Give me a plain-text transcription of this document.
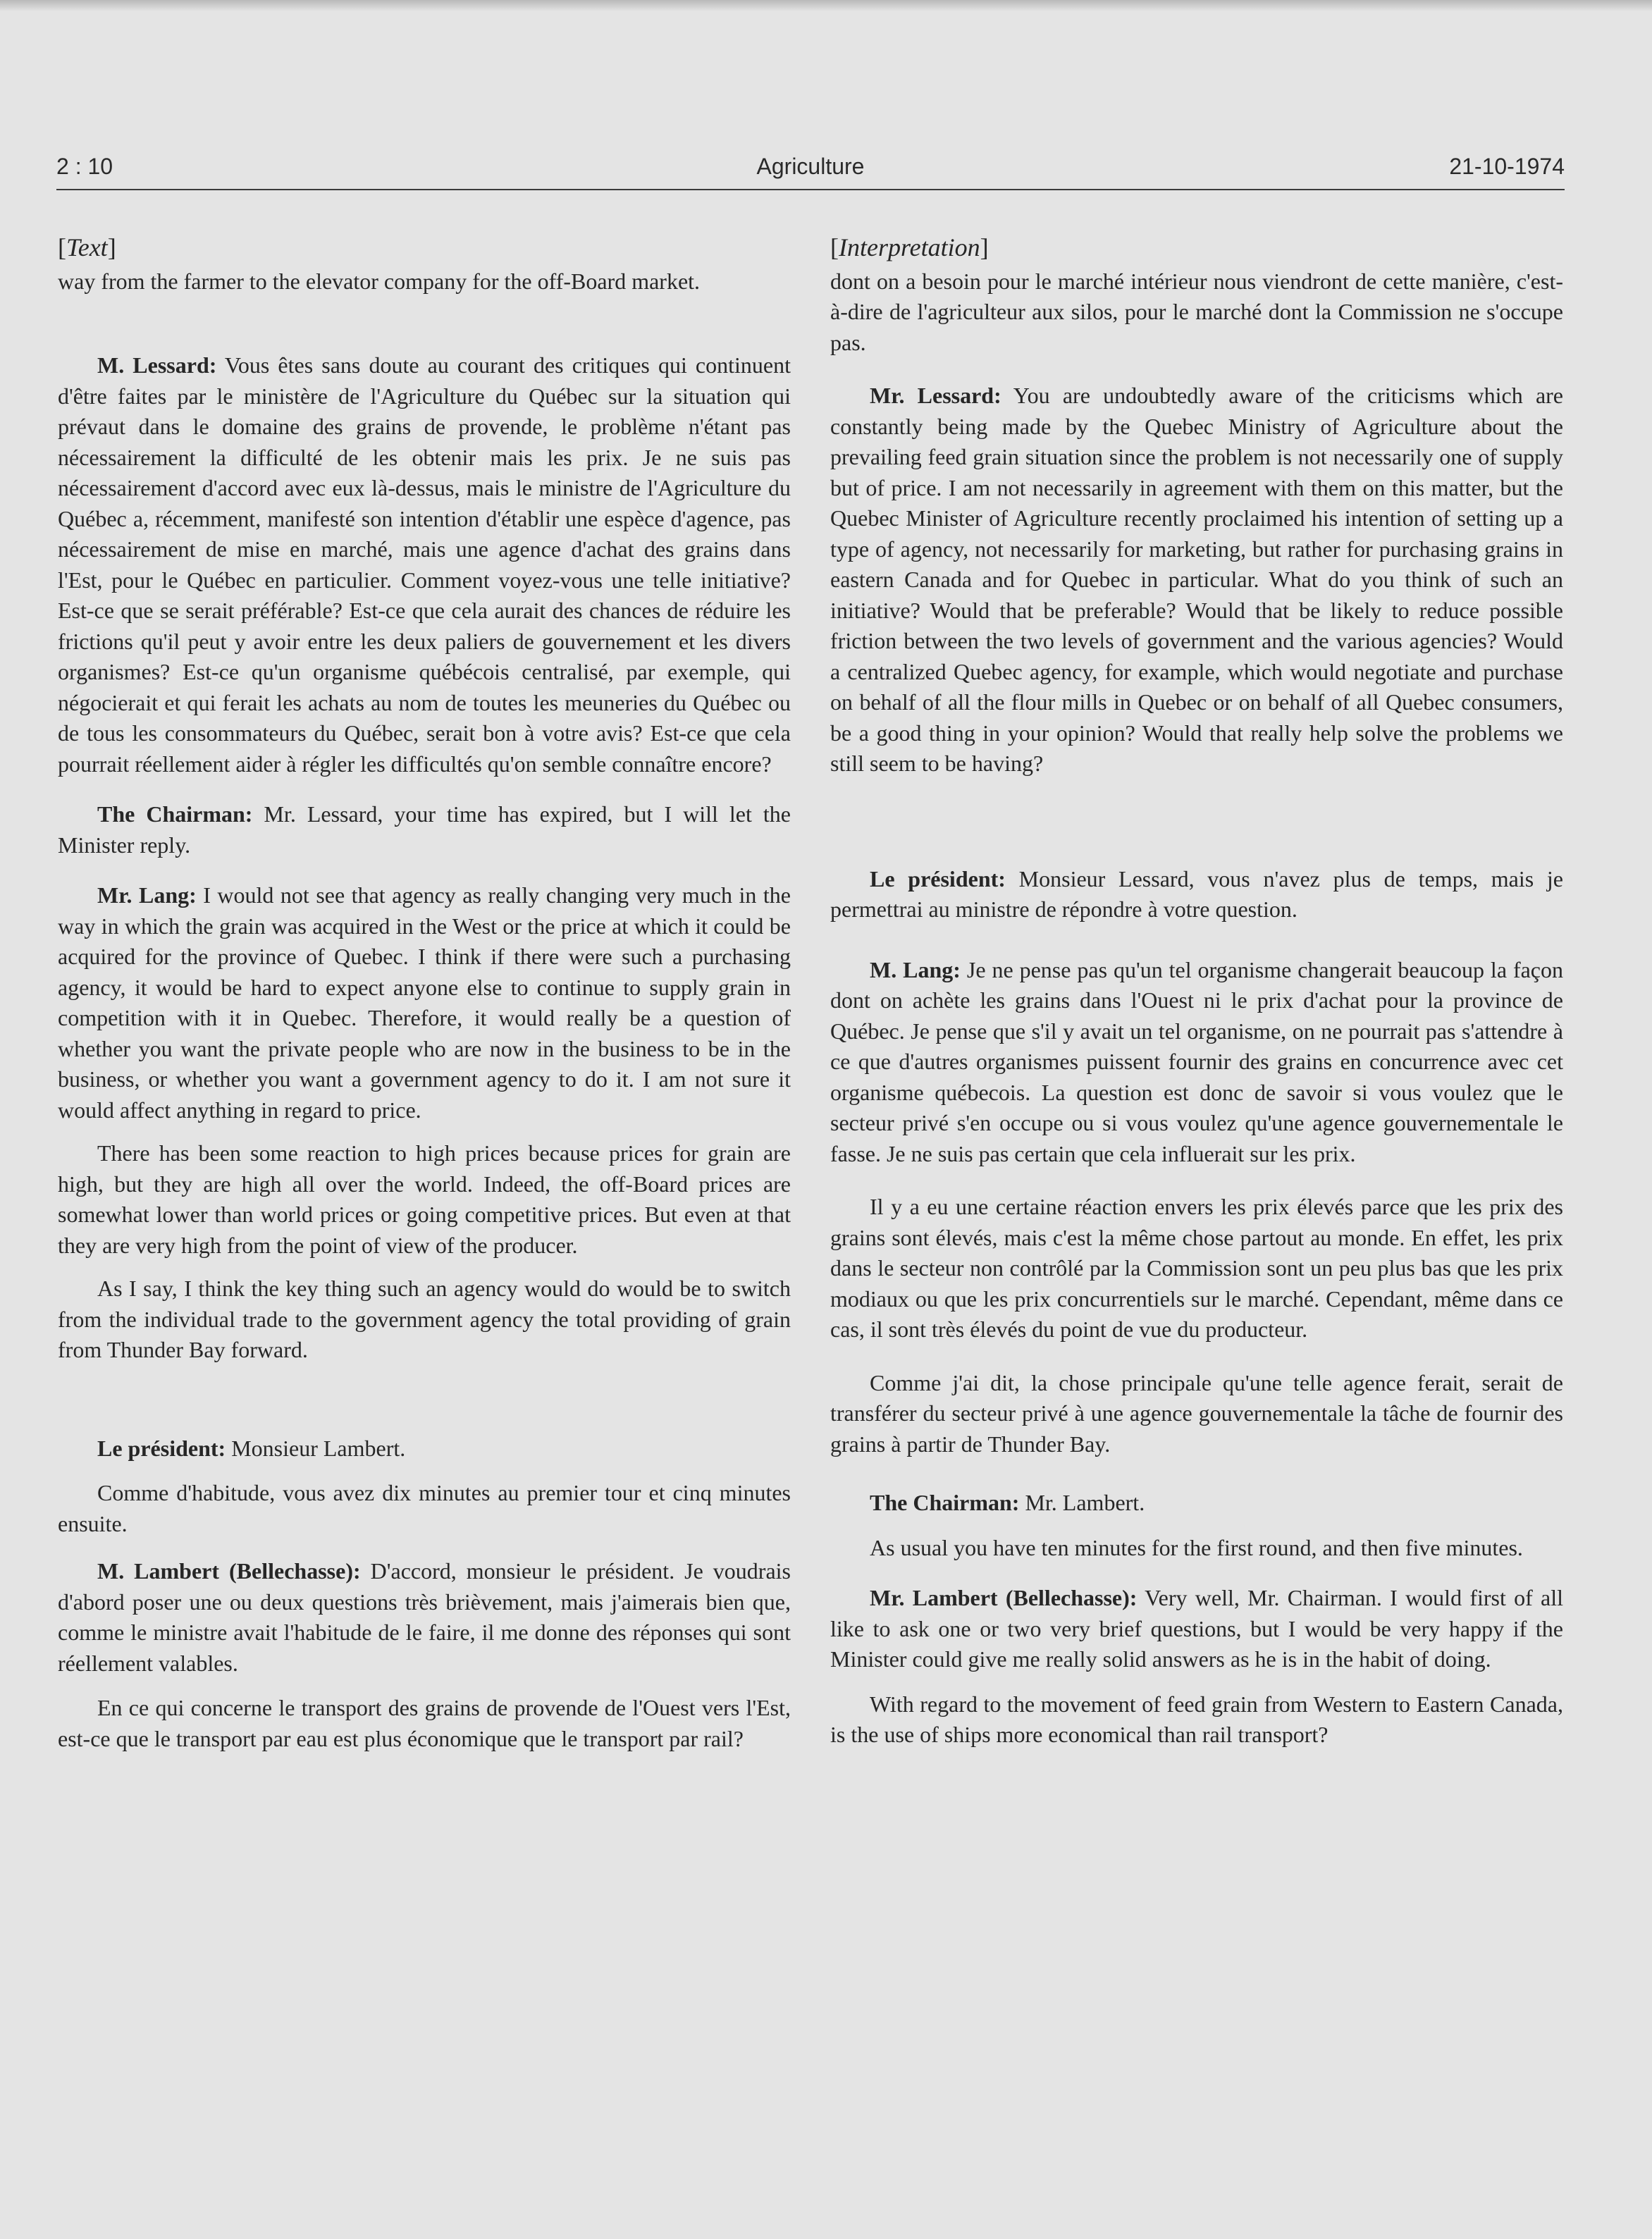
2 : 10	Agriculture	21-10-1974

[Text]

way from the farmer to the elevator company for the off-Board market.

M. Lessard: Vous êtes sans doute au courant des critiques qui continuent d'être faites par le ministère de l'Agriculture du Québec sur la situation qui prévaut dans le domaine des grains de provende, le problème n'étant pas nécessairement la difficulté de les obtenir mais les prix. Je ne suis pas nécessairement d'accord avec eux là-dessus, mais le ministre de l'Agriculture du Québec a, récemment, manifesté son intention d'établir une espèce d'agence, pas nécessairement de mise en marché, mais une agence d'achat des grains dans l'Est, pour le Québec en particulier. Comment voyez-vous une telle initiative? Est-ce que se serait préférable? Est-ce que cela aurait des chances de réduire les frictions qu'il peut y avoir entre les deux paliers de gouvernement et les divers organismes? Est-ce qu'un organisme québécois centralisé, par exemple, qui négocierait et qui ferait les achats au nom de toutes les meuneries du Québec ou de tous les consommateurs du Québec, serait bon à votre avis? Est-ce que cela pourrait réellement aider à régler les difficultés qu'on semble connaître encore?

The Chairman: Mr. Lessard, your time has expired, but I will let the Minister reply.

Mr. Lang: I would not see that agency as really changing very much in the way in which the grain was acquired in the West or the price at which it could be acquired for the province of Quebec. I think if there were such a purchasing agency, it would be hard to expect anyone else to continue to supply grain in competition with it in Quebec. Therefore, it would really be a question of whether you want the private people who are now in the business to be in the business, or whether you want a government agency to do it. I am not sure it would affect anything in regard to price.

There has been some reaction to high prices because prices for grain are high, but they are high all over the world. Indeed, the off-Board prices are somewhat lower than world prices or going competitive prices. But even at that they are very high from the point of view of the producer.

As I say, I think the key thing such an agency would do would be to switch from the individual trade to the government agency the total providing of grain from Thunder Bay forward.

Le président: Monsieur Lambert.

Comme d'habitude, vous avez dix minutes au premier tour et cinq minutes ensuite.

M. Lambert (Bellechasse): D'accord, monsieur le président. Je voudrais d'abord poser une ou deux questions très brièvement, mais j'aimerais bien que, comme le ministre avait l'habitude de le faire, il me donne des réponses qui sont réellement valables.

En ce qui concerne le transport des grains de provende de l'Ouest vers l'Est, est-ce que le transport par eau est plus économique que le transport par rail?

[Interpretation]

dont on a besoin pour le marché intérieur nous viendront de cette manière, c'est-à-dire de l'agriculteur aux silos, pour le marché dont la Commission ne s'occupe pas.

Mr. Lessard: You are undoubtedly aware of the criticisms which are constantly being made by the Quebec Ministry of Agriculture about the prevailing feed grain situation since the problem is not necessarily one of supply but of price. I am not necessarily in agreement with them on this matter, but the Quebec Minister of Agriculture recently proclaimed his intention of setting up a type of agency, not necessarily for marketing, but rather for purchasing grains in eastern Canada and for Quebec in particular. What do you think of such an initiative? Would that be preferable? Would that be likely to reduce possible friction between the two levels of government and the various agencies? Would a centralized Quebec agency, for example, which would negotiate and purchase on behalf of all the flour mills in Quebec or on behalf of all Quebec consumers, be a good thing in your opinion? Would that really help solve the problems we still seem to be having?

Le président: Monsieur Lessard, vous n'avez plus de temps, mais je permettrai au ministre de répondre à votre question.

M. Lang: Je ne pense pas qu'un tel organisme changerait beaucoup la façon dont on achète les grains dans l'Ouest ni le prix d'achat pour la province de Québec. Je pense que s'il y avait un tel organisme, on ne pourrait pas s'attendre à ce que d'autres organismes puissent fournir des grains en concurrence avec cet organisme québecois. La question est donc de savoir si vous voulez que le secteur privé s'en occupe ou si vous voulez qu'une agence gouvernementale le fasse. Je ne suis pas certain que cela influerait sur les prix.

Il y a eu une certaine réaction envers les prix élevés parce que les prix des grains sont élevés, mais c'est la même chose partout au monde. En effet, les prix dans le secteur non contrôlé par la Commission sont un peu plus bas que les prix modiaux ou que les prix concurrentiels sur le marché. Cependant, même dans ce cas, il sont très élevés du point de vue du producteur.

Comme j'ai dit, la chose principale qu'une telle agence ferait, serait de transférer du secteur privé à une agence gouvernementale la tâche de fournir des grains à partir de Thunder Bay.

The Chairman: Mr. Lambert.

As usual you have ten minutes for the first round, and then five minutes.

Mr. Lambert (Bellechasse): Very well, Mr. Chairman. I would first of all like to ask one or two very brief questions, but I would be very happy if the Minister could give me really solid answers as he is in the habit of doing.

With regard to the movement of feed grain from Western to Eastern Canada, is the use of ships more economical than rail transport?
